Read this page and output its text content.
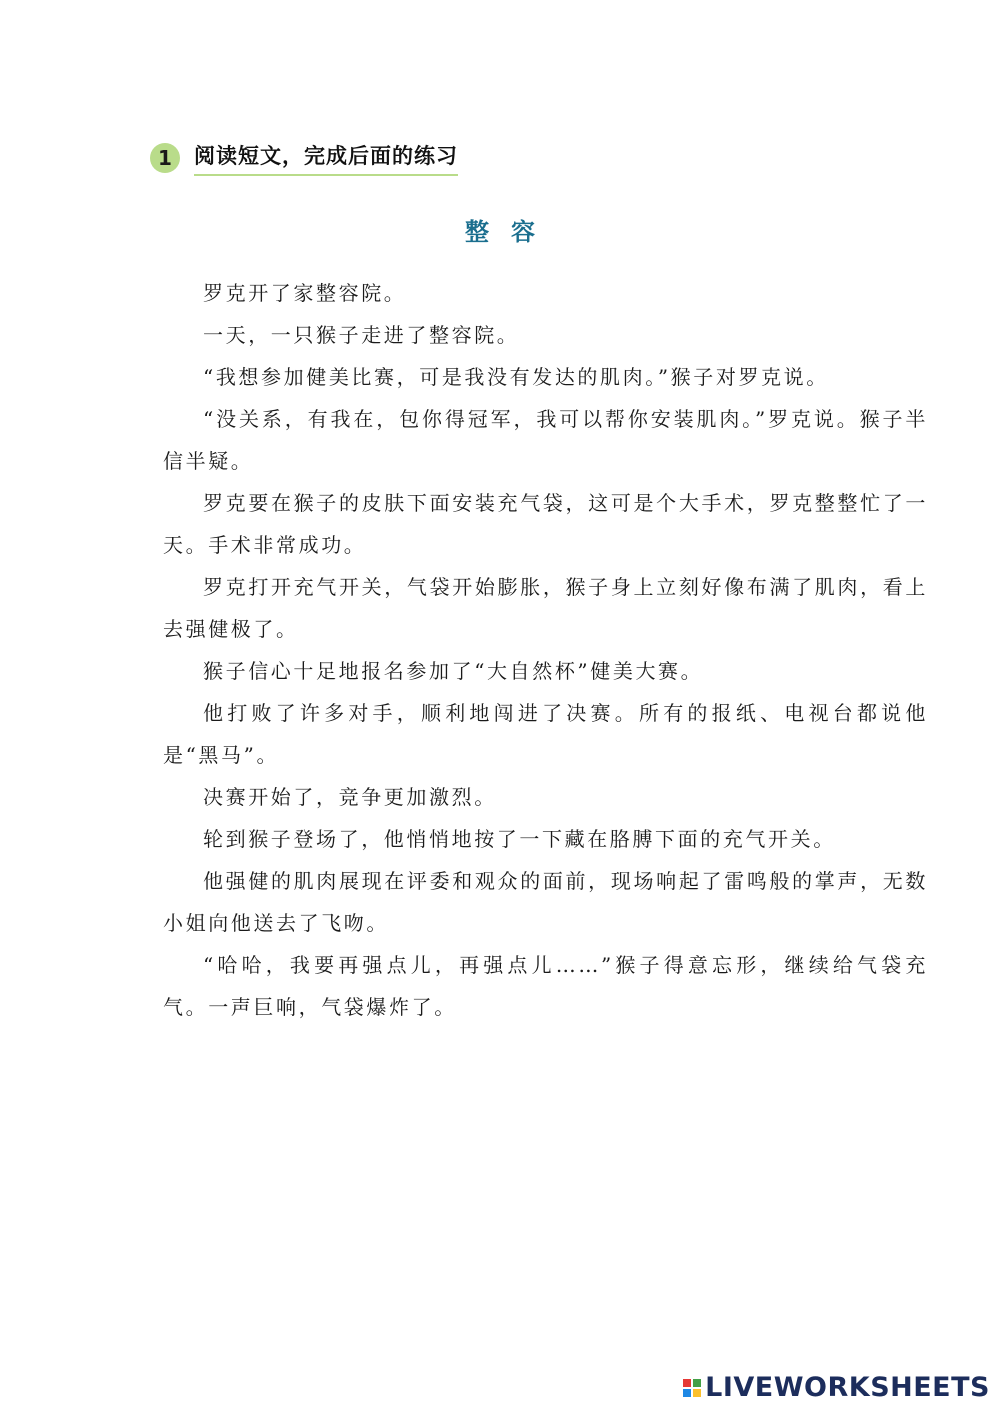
1	阅读短文，完成后面的练习
整容

罗克开了家整容院。

一天，一只猴子走进了整容院。

“我想参加健美比赛，可是我没有发达的肌肉。”猴子对罗克说。

“没关系，有我在，包你得冠军，我可以帮你安装肌肉。”罗克说。猴子半信半疑。

罗克要在猴子的皮肤下面安装充气袋，这可是个大手术，罗克整整忙了一天。手术非常成功。

罗克打开充气开关，气袋开始膨胀，猴子身上立刻好像布满了肌肉，看上去强健极了。

猴子信心十足地报名参加了“大自然杯”健美大赛。

他打败了许多对手，顺利地闯进了决赛。所有的报纸、电视台都说他是“黑马”。

决赛开始了，竞争更加激烈。

轮到猴子登场了，他悄悄地按了一下藏在胳膊下面的充气开关。

他强健的肌肉展现在评委和观众的面前，现场响起了雷鸣般的掌声，无数小姐向他送去了飞吻。

“哈哈，我要再强点儿，再强点儿……”猴子得意忘形，继续给气袋充气。一声巨响，气袋爆炸了。

LIVEWORKSHEETS
